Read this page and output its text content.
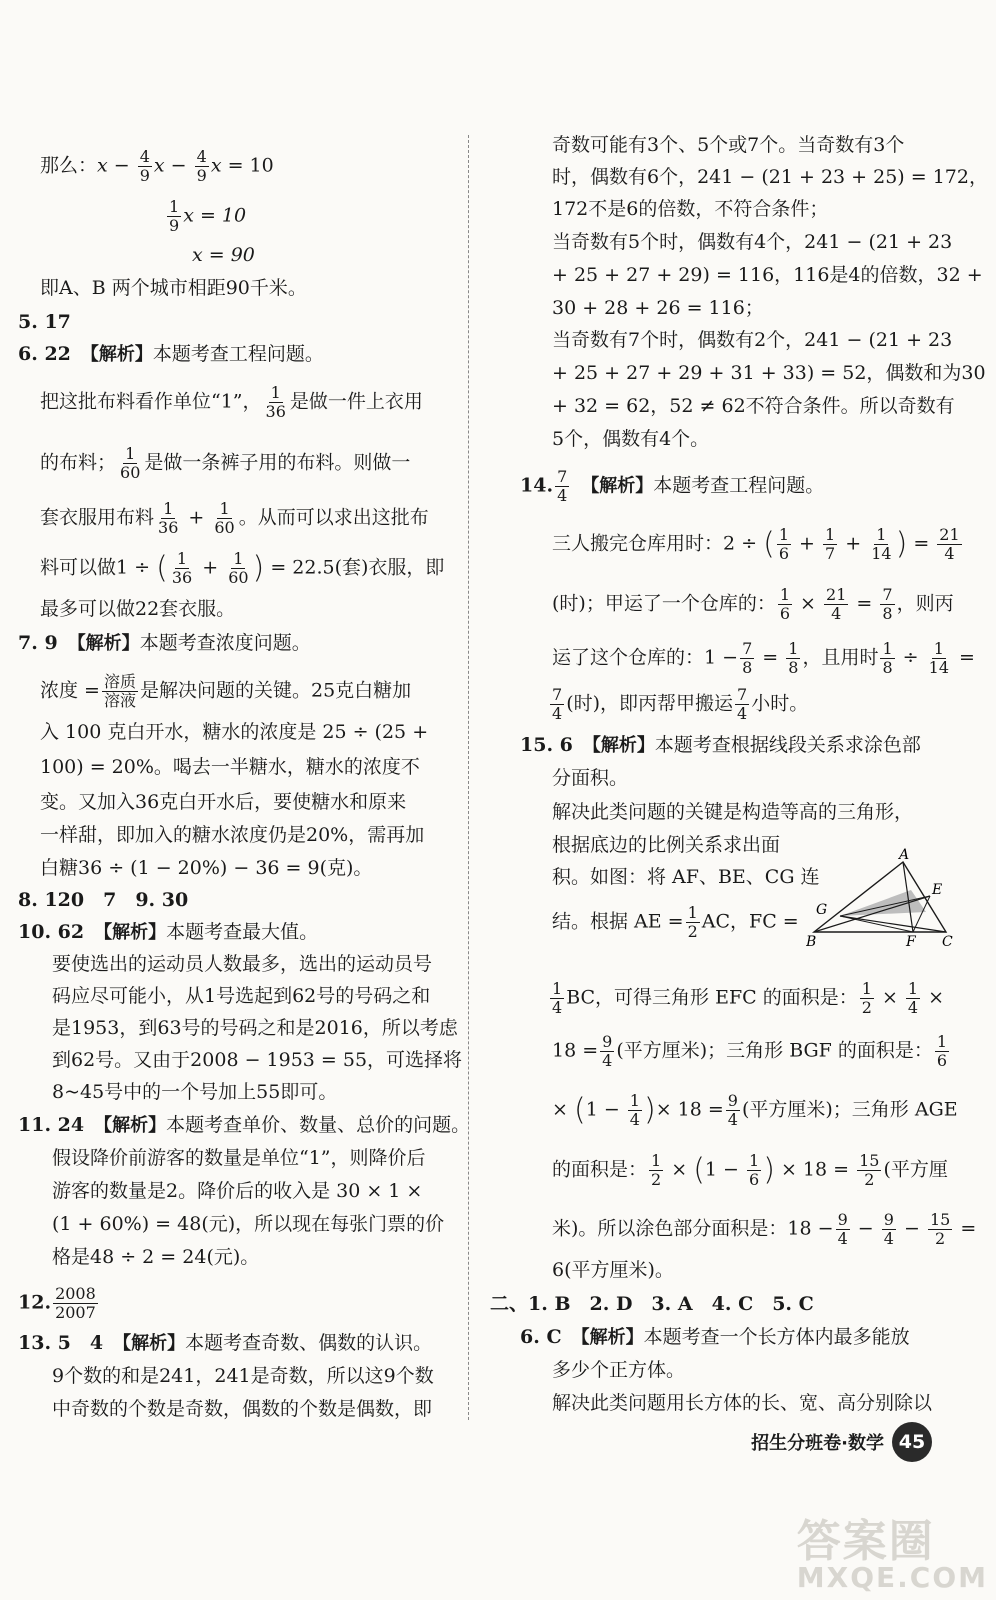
那么：$x - \frac{4}{9}$ $x - \frac{4}{9}$ x = 10
$\frac{1}{9}$ x = 10
x = 90
即A、B 两个城市相距90千米。
5. 17
6. 22　 【解析】本题考查工程问题。
把这批布料看作单位“1”， $\frac{1}{36}$ 是做一件上衣用
的布料； $\frac{1}{60}$ 是做一条裤子用的布料。则做一
套衣服用布料 $\frac{1}{36} + \frac{1}{60}$ 。从而可以求出这批布
料可以做1 ÷ ( $\frac{1}{36} + \frac{1}{60}$ ) = 22.5(套)衣服，即
最多可以做22套衣服。
7. 9　 【解析】本题考查浓度问题。
浓度 = 溶质
溶液 是解决问题的关键。25克白糖加
入 100 克白开水，糖水的浓度是 25 ÷ (25 +
100) = 20%。喝去一半糖水，糖水的浓度不
变。又加入36克白开水后，要使糖水和原来
一样甜，即加入的糖水浓度仍是20%，需再加
白糖36 ÷ (1 − 20%) − 36 = 9(克)。
8. 120　7　9. 30
10. 62　 【解析】本题考查最大值。
要使选出的运动员人数最多，选出的运动员号
码应尽可能小，从1号选起到62号的号码之和
是1953，到63号的号码之和是2016，所以考虑
到62号。又由于2008 − 1953 = 55，可选择将
8~45号中的一个号加上55即可。
11. 24　 【解析】本题考查单价、数量、总价的问题。
假设降价前游客的数量是单位“1”，则降价后
游客的数量是2。降价后的收入是 30 × 1 ×
(1 + 60%) = 48(元)，所以现在每张门票的价
格是48 ÷ 2 = 24(元)。
12. $\frac{2008}{2007}$
13. 5　4　 【解析】本题考查奇数、偶数的认识。
9个数的和是241，241是奇数，所以这9个数
中奇数的个数是奇数，偶数的个数是偶数，即
奇数可能有3个、5个或7个。当奇数有3个
时，偶数有6个，241 − (21 + 23 + 25) = 172，
172不是6的倍数，不符合条件；
当奇数有5个时，偶数有4个，241 − (21 + 23
+ 25 + 27 + 29) = 116，116是4的倍数，32 +
30 + 28 + 26 = 116；
当奇数有7个时，偶数有2个，241 − (21 + 23
+ 25 + 27 + 29 + 31 + 33) = 52，偶数和为30
+ 32 = 62，52 ≠ 62不符合条件。所以奇数有
5个，偶数有4个。
14. $\frac{7}{4}$
　 【解析】本题考查工程问题。
三人搬完仓库用时：2 ÷ ( $\frac{1}{6} + \frac{1}{7} + \frac{1}{14}$ ) = $\frac{21}{4}$
(时)；甲运了一个仓库的： $\frac{1}{6} \times \frac{21}{4} = \frac{7}{8}$ ，则丙
运了这个仓库的：$1 - \frac{7}{8} = \frac{1}{8}$ ，且用时 $\frac{1}{8} \div \frac{1}{14}$ =
$\frac{7}{4}$ (时)，即丙帮甲搬运 $\frac{7}{4}$ 小时。
15. 6　 【解析】本题考查根据线段关系求涂色部
分面积。
解决此类问题的关键是构造等高的三角形，
根据底边的比例关系求出面
积。如图：将 AF、BE、CG 连
结。根据 AE = $\frac{1}{2}$ AC，FC =
A
B	C
E
F
G
$\frac{1}{4}$ BC，可得三角形 EFC 的面积是： $\frac{1}{2} \times \frac{1}{4}$ ×
$18 = \frac{9}{4}$ (平方厘米)；三角形 BGF 的面积是： $\frac{1}{6}$
× ($1 - \frac{1}{4}$ )× $18 = \frac{9}{4}$ (平方厘米)；三角形 AGE
的面积是： $\frac{1}{2} \times (1 - \frac{1}{6}$ ) × $18 = \frac{15}{2}$ (平方厘
米)。所以涂色部分面积是：$18 - \frac{9}{4} - \frac{9}{4} - \frac{15}{2}$ =
6(平方厘米)。
二、1. B　2. D　3. A　4. C　5. C
6. C　 【解析】本题考查一个长方体内最多能放
多少个正方体。
解决此类问题用长方体的长、宽、高分别除以
招生分班卷·数学 45
答案圈
MXQE.COM
